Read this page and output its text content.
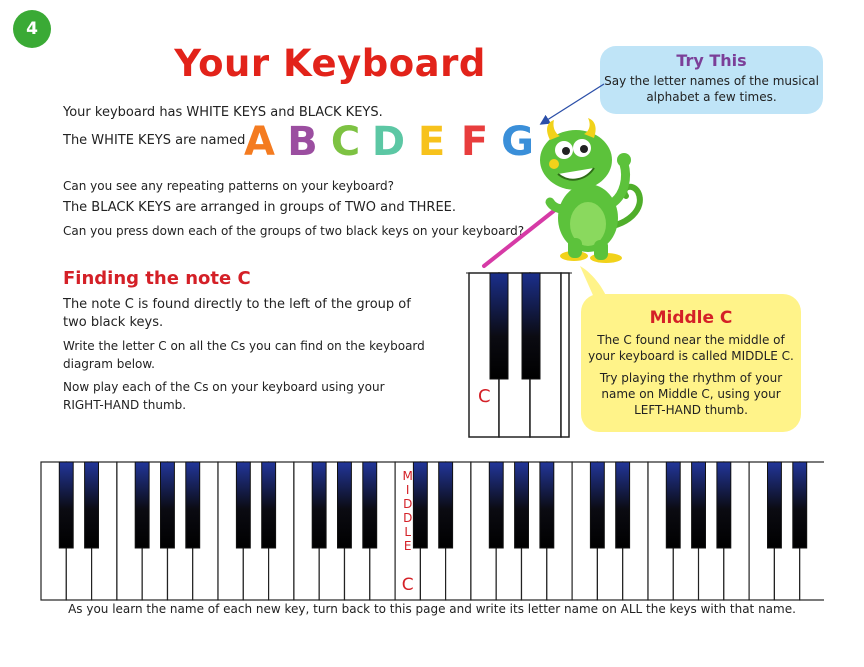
4
Your Keyboard
Your keyboard has WHITE KEYS and BLACK KEYS.
The WHITE KEYS are named
A B C D E F G
Can you see any repeating patterns on your keyboard?
The BLACK KEYS are arranged in groups of TWO and THREE.
Can you press down each of the groups of two black keys on your keyboard?
Finding the note C
The note C is found directly to the left of the group of
two black keys.
Write the letter C on all the Cs you can find on the keyboard
diagram below.
Now play each of the Cs on your keyboard using your
RIGHT-HAND thumb.
Try This
Say the letter names of the musical
alphabet a few times.
C
Middle C
The C found near the middle of
your keyboard is called MIDDLE C.
Try playing the rhythm of your
name on Middle C, using your
LEFT-HAND thumb.
M
I
D
D
L
E
C
As you learn the name of each new key, turn back to this page and write its letter name on ALL the keys with that name.
